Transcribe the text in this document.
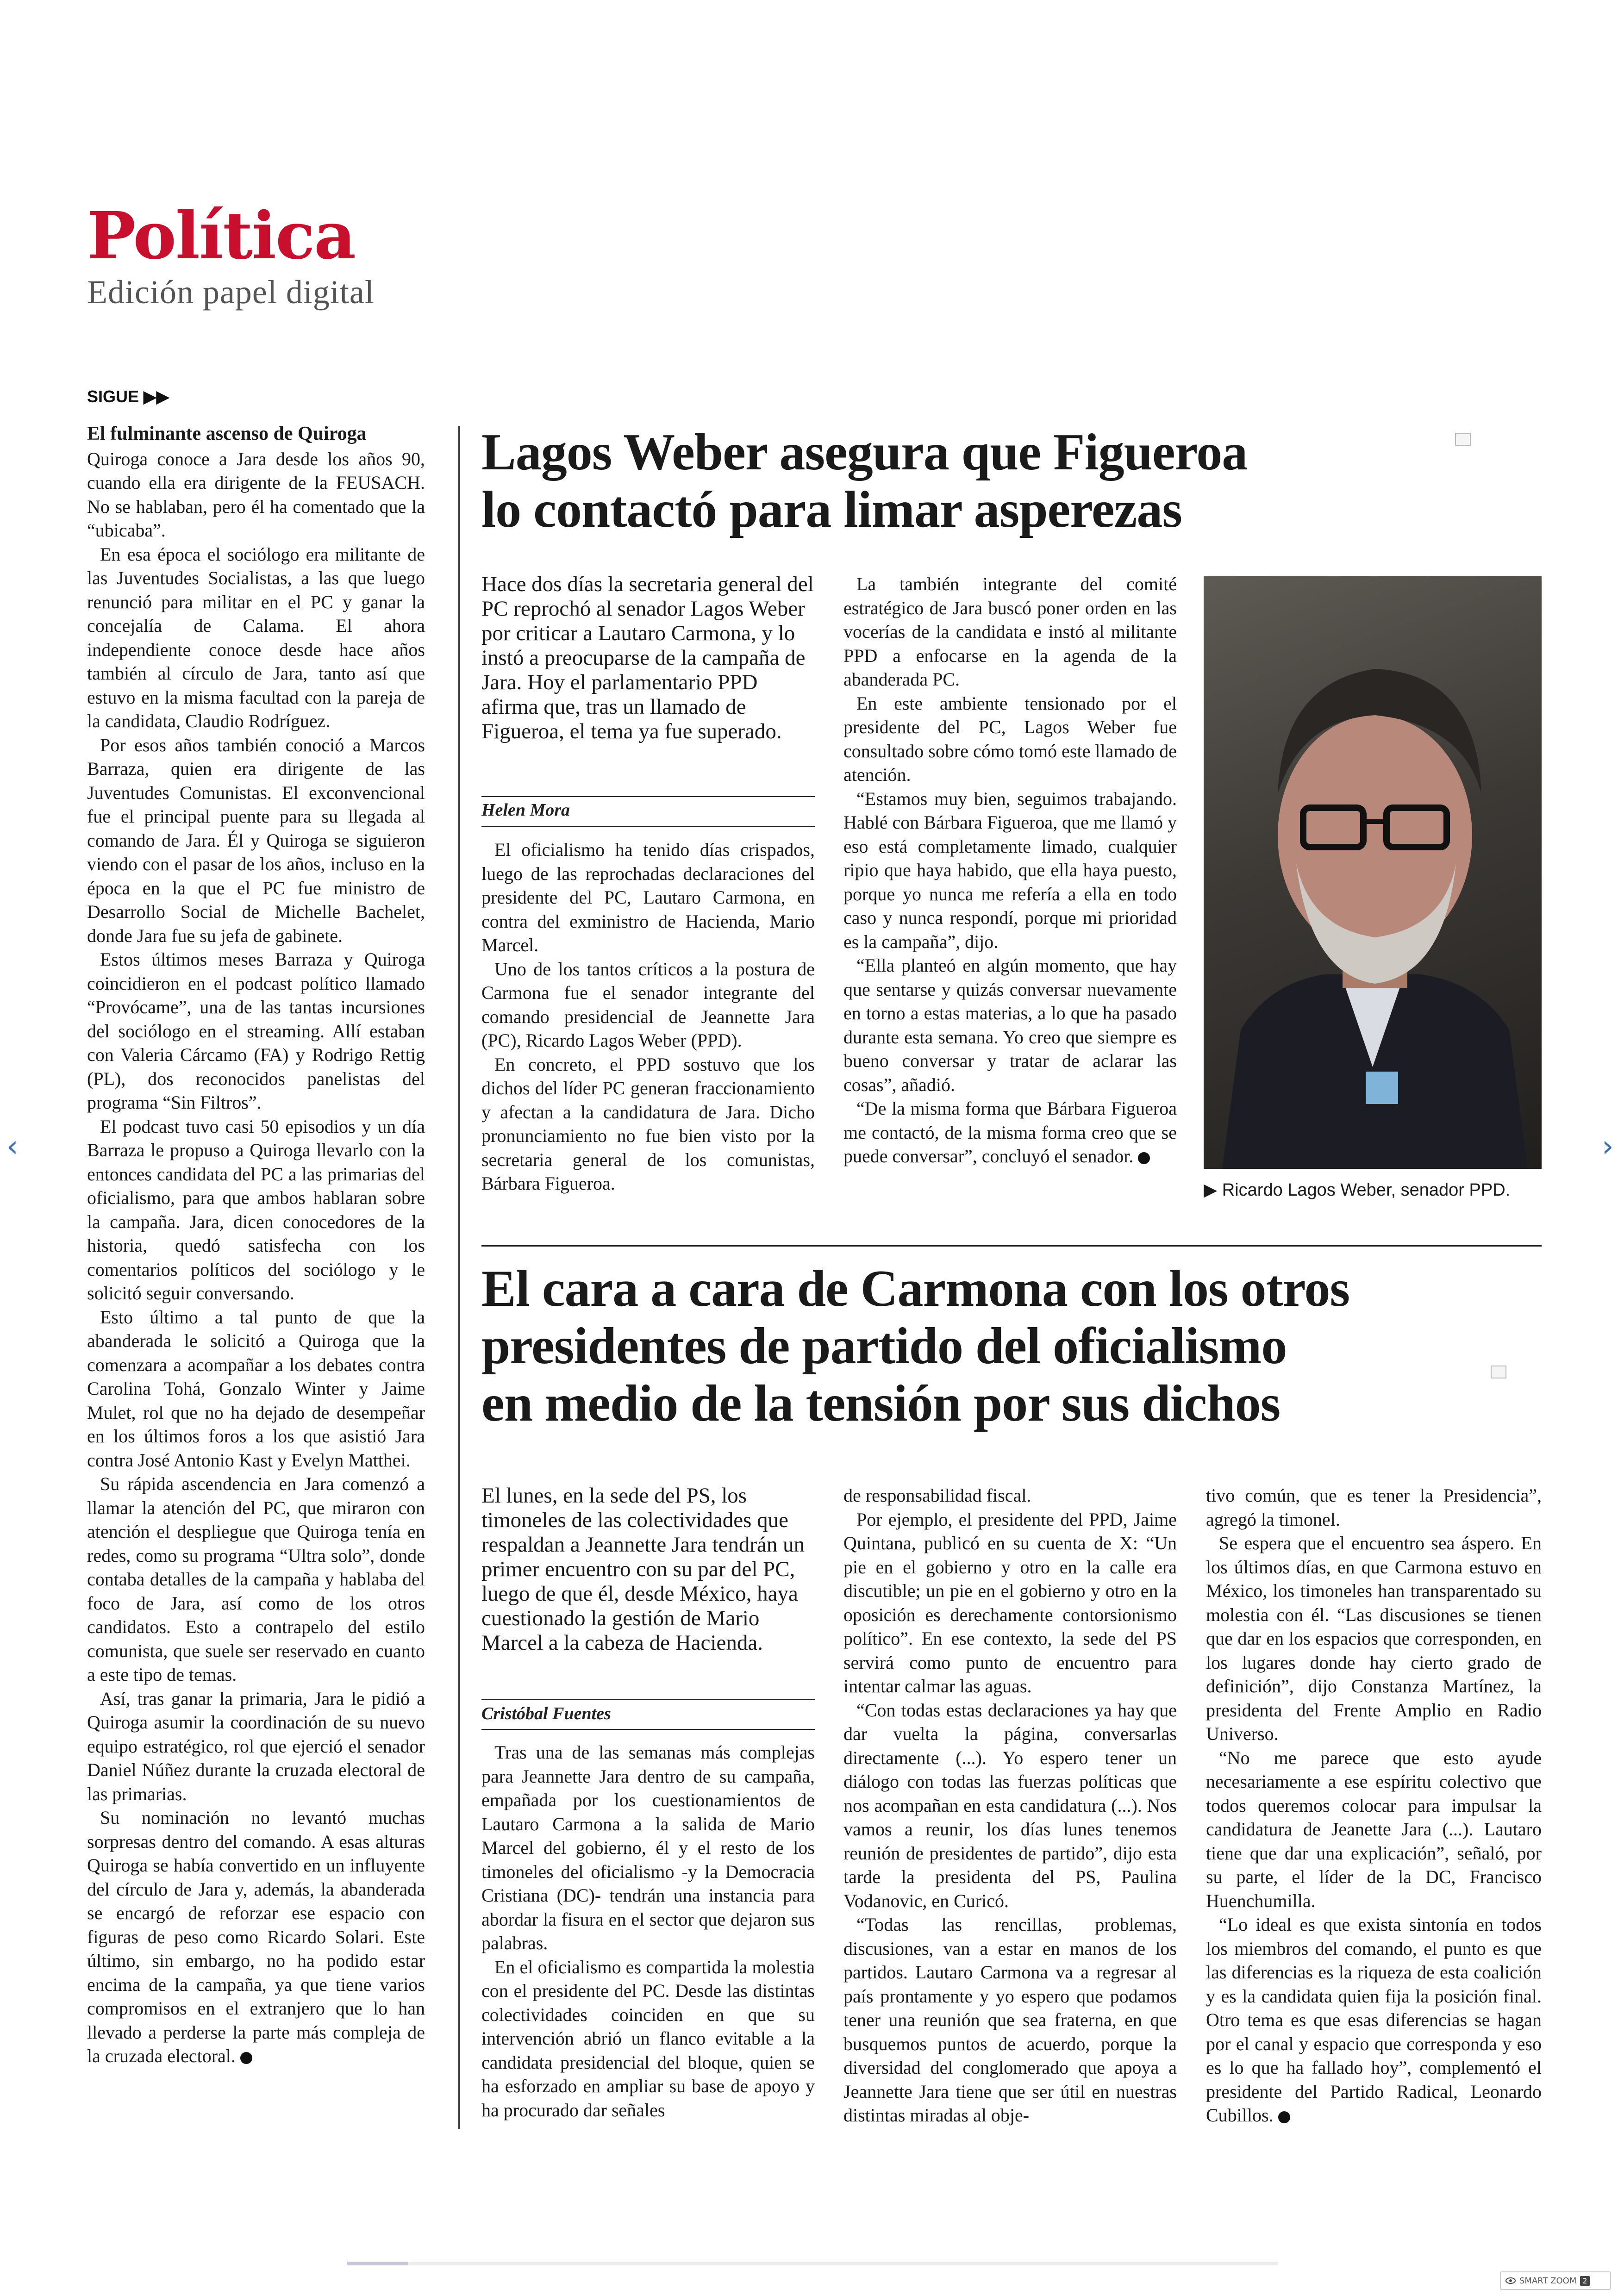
Política
Edición papel digital
SIGUE ▶▶

El fulminante ascenso de Quiroga

Quiroga conoce a Jara desde los años 90, cuando ella era dirigente de la FEUSACH. No se hablaban, pero él ha comentado que la “ubicaba”.

En esa época el sociólogo era militante de las Juventudes Socialistas, a las que luego renunció para militar en el PC y ganar la concejalía de Calama. El ahora independiente conoce desde hace años también al círculo de Jara, tanto así que estuvo en la misma facultad con la pareja de la candidata, Claudio Rodríguez.

Por esos años también conoció a Marcos Barraza, quien era dirigente de las Juventudes Comunistas. El exconvencional fue el principal puente para su llegada al comando de Jara. Él y Quiroga se siguieron viendo con el pasar de los años, incluso en la época en la que el PC fue ministro de Desarrollo Social de Michelle Bachelet, donde Jara fue su jefa de gabinete.

Estos últimos meses Barraza y Quiroga coincidieron en el podcast político llamado “Provócame”, una de las tantas incursiones del sociólogo en el streaming. Allí estaban con Valeria Cárcamo (FA) y Rodrigo Rettig (PL), dos reconocidos panelistas del programa “Sin Filtros”.

El podcast tuvo casi 50 episodios y un día Barraza le propuso a Quiroga llevarlo con la entonces candidata del PC a las primarias del oficialismo, para que ambos hablaran sobre la campaña. Jara, dicen conocedores de la historia, quedó satisfecha con los comentarios políticos del sociólogo y le solicitó seguir conversando.

Esto último a tal punto de que la abanderada le solicitó a Quiroga que la comenzara a acompañar a los debates contra Carolina Tohá, Gonzalo Winter y Jaime Mulet, rol que no ha dejado de desempeñar en los últimos foros a los que asistió Jara contra José Antonio Kast y Evelyn Matthei.

Su rápida ascendencia en Jara comenzó a llamar la atención del PC, que miraron con atención el despliegue que Quiroga tenía en redes, como su programa “Ultra solo”, donde contaba detalles de la campaña y hablaba del foco de Jara, así como de los otros candidatos. Esto a contrapelo del estilo comunista, que suele ser reservado en cuanto a este tipo de temas.

Así, tras ganar la primaria, Jara le pidió a Quiroga asumir la coordinación de su nuevo equipo estratégico, rol que ejerció el senador Daniel Núñez durante la cruzada electoral de las primarias.

Su nominación no levantó muchas sorpresas dentro del comando. A esas alturas Quiroga se había convertido en un influyente del círculo de Jara y, además, la abanderada se encargó de reforzar ese espacio con figuras de peso como Ricardo Solari. Este último, sin embargo, no ha podido estar encima de la campaña, ya que tiene varios compromisos en el extranjero que lo han llevado a perderse la parte más compleja de la cruzada electoral.

Lagos Weber asegura que Figueroa
lo contactó para limar asperezas
Hace dos días la secretaria general del PC reprochó al senador Lagos Weber por criticar a Lautaro Carmona, y lo instó a preocuparse de la campaña de Jara. Hoy el parlamentario PPD afirma que, tras un llamado de Figueroa, el tema ya fue superado.
Helen Mora

El oficialismo ha tenido días crispados, luego de las reprochadas declaraciones del presidente del PC, Lautaro Carmona, en contra del exministro de Hacienda, Mario Marcel.

Uno de los tantos críticos a la postura de Carmona fue el senador integrante del comando presidencial de Jeannette Jara (PC), Ricardo Lagos Weber (PPD).

En concreto, el PPD sostuvo que los dichos del líder PC generan fraccionamiento y afectan a la candidatura de Jara. Dicho pronunciamiento no fue bien visto por la secretaria general de los comunistas, Bárbara Figueroa.

La también integrante del comité estratégico de Jara buscó poner orden en las vocerías de la candidata e instó al militante PPD a enfocarse en la agenda de la abanderada PC.

En este ambiente tensionado por el presidente del PC, Lagos Weber fue consultado sobre cómo tomó este llamado de atención.

“Estamos muy bien, seguimos trabajando. Hablé con Bárbara Figueroa, que me llamó y eso está completamente limado, cualquier ripio que haya habido, que ella haya puesto, porque yo nunca me refería a ella en todo caso y nunca respondí, porque mi prioridad es la campaña”, dijo.

“Ella planteó en algún momento, que hay que sentarse y quizás conversar nuevamente en torno a estas materias, a lo que ha pasado durante esta semana. Yo creo que siempre es bueno conversar y tratar de aclarar las cosas”, añadió.

“De la misma forma que Bárbara Figueroa me contactó, de la misma forma creo que se puede conversar”, concluyó el senador.

▶ Ricardo Lagos Weber, senador PPD.
El cara a cara de Carmona con los otros
presidentes de partido del oficialismo
en medio de la tensión por sus dichos
El lunes, en la sede del PS, los timoneles de las colectividades que respaldan a Jeannette Jara tendrán un primer encuentro con su par del PC, luego de que él, desde México, haya cuestionado la gestión de Mario Marcel a la cabeza de Hacienda.
Cristóbal Fuentes

Tras una de las semanas más complejas para Jeannette Jara dentro de su campaña, empañada por los cuestionamientos de Lautaro Carmona a la salida de Mario Marcel del gobierno, él y el resto de los timoneles del oficialismo -y la Democracia Cristiana (DC)- tendrán una instancia para abordar la fisura en el sector que dejaron sus palabras.

En el oficialismo es compartida la molestia con el presidente del PC. Desde las distintas colectividades coinciden en que su intervención abrió un flanco evitable a la candidata presidencial del bloque, quien se ha esforzado en ampliar su base de apoyo y ha procurado dar señales

de responsabilidad fiscal.

Por ejemplo, el presidente del PPD, Jaime Quintana, publicó en su cuenta de X: “Un pie en el gobierno y otro en la calle era discutible; un pie en el gobierno y otro en la oposición es derechamente contorsionismo político”. En ese contexto, la sede del PS servirá como punto de encuentro para intentar calmar las aguas.

“Con todas estas declaraciones ya hay que dar vuelta la página, conversarlas directamente (...). Yo espero tener un diálogo con todas las fuerzas políticas que nos acompañan en esta candidatura (...). Nos vamos a reunir, los días lunes tenemos reunión de presidentes de partido”, dijo esta tarde la presidenta del PS, Paulina Vodanovic, en Curicó.

“Todas las rencillas, problemas, discusiones, van a estar en manos de los partidos. Lautaro Carmona va a regresar al país prontamente y yo espero que podamos tener una reunión que sea fraterna, en que busquemos puntos de acuerdo, porque la diversidad del conglomerado que apoya a Jeannette Jara tiene que ser útil en nuestras distintas miradas al obje-

tivo común, que es tener la Presidencia”, agregó la timonel.

Se espera que el encuentro sea áspero. En los últimos días, en que Carmona estuvo en México, los timoneles han transparentado su molestia con él. “Las discusiones se tienen que dar en los espacios que corresponden, en los lugares donde hay cierto grado de definición”, dijo Constanza Martínez, la presidenta del Frente Amplio en Radio Universo.

“No me parece que esto ayude necesariamente a ese espíritu colectivo que todos queremos colocar para impulsar la candidatura de Jeanette Jara (...). Lautaro tiene que dar una explicación”, señaló, por su parte, el líder de la DC, Francisco Huenchumilla.

“Lo ideal es que exista sintonía en todos los miembros del comando, el punto es que las diferencias es la riqueza de esta coalición y es la candidata quien fija la posición final. Otro tema es que esas diferencias se hagan por el canal y espacio que corresponda y eso es lo que ha fallado hoy”, complementó el presidente del Partido Radical, Leonardo Cubillos.

‹	›
SMART ZOOM 2
